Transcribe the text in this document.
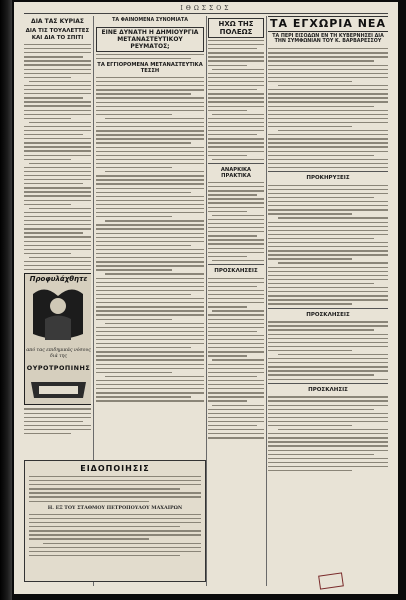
ΙΘΩΣΣΟΣ
ΔΙΑ ΤΑΣ ΚΥΡΙΑΣ
ΔΙΑ ΤΙΣ ΤΟΥΑΛΕΤΤΕΣ ΚΑΙ ΔΙΑ ΤΟ ΣΠΙΤΙ
Προφυλάχθητε
από τας επιδημικάς νόσους διά της
ΟΥΡΟΤΡΟΠΙΝΗΣ
ΤΑ ΦΑΙΝΟΜΕΝΑ ΣΥΝΟΜΙΑΤΑ
ΕΙΝΕ ΔΥΝΑΤΗ Η ΔΗΜΙΟΥΡΓΙΑ ΜΕΤΑΝΑΣΤΕΥΤΙΚΟΥ ΡΕΥΜΑΤΟΣ;
ΤΑ ΕΓΓΙΟΡΟΜΕΝΑ ΜΕΤΑΝΑΣΤΕΥΤΙΚΑ ΤΕΣΣΗ
ΗΧΩ ΤΗΣ ΠΟΛΕΩΣ
ΑΝΑΡΚΙΚΑ ΠΡΑΚΤΙΚΑ
ΠΡΟΣΚΛΗΣΕΙΣ
ΤΑ ΕΓΧΩΡΙΑ ΝΕΑ
ΤΑ ΠΕΡΙ ΕΙΣΟΔΩΝ ΕΝ ΤΗ ΚΥΒΕΡΝΗΣΕΙ ΔΙΑ ΤΗΝ ΣΥΜΦΩΝΙΑΝ ΤΟΥ Κ. ΒΑΡΒΑΡΕΣΣΟΥ
ΠΡΟΚΗΡΥΞΕΙΣ
ΠΡΟΣΚΛΗΣΕΙΣ
ΠΡΟΣΚΛΗΣΙΣ
ΕΙΔΟΠΟΙΗΣΙΣ
Η. ΕΞ ΤΟΥ ΣΤΑΘΜΟΥ ΠΕΤΡΟΠΟΥΛΟΥ ΜΑΧΑΙΡΩΝ
